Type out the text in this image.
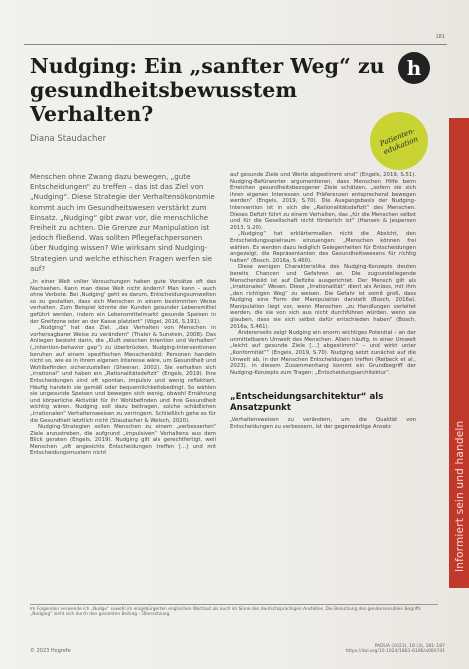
181
Nudging: Ein „sanfter Weg“ zu gesundheitsbewusstem Verhalten?
h
Diana Staudacher	Patienten-
edukation
Informiert sein und handeln
Menschen ohne Zwang dazu bewegen, „gute Entscheidungen“ zu treffen – das ist das Ziel von „Nudging“. Diese Strategie der Verhaltensökonomie kommt auch im Gesundheitswesen verstärkt zum Einsatz. „Nudging“ gibt zwar vor, die menschliche Freiheit zu achten. Die Grenze zur Manipulation ist jedoch fließend. Was sollten Pflegefachpersonen über Nudging wissen? Wie wirksam sind Nudging-Strategien und welche ethischen Fragen werfen sie auf?

„In einer Welt voller Versuchungen haben gute Vorsätze oft das Nachsehen. Kann man diese Welt nicht ändern? Man kann – auch ohne Verbote. Bei ‚Nudging‘ geht es darum, Entscheidungsumwelten so zu gestalten, dass sich Menschen in einem bestimmten Weise verhalten. Zum Beispiel könnte der Kunden gesunder Lebensmittel geführt werden, indem ein Lebensmittelmarkt gesunde Speisen in der Greifzone oder an der Kasse platziert“ (Vögel, 2016, S.191).

„Nudging“ hat das Ziel, „das Verhalten von Menschen in vorhersagbarer Weise zu verändern“ (Thaler & Sunstein, 2008). Das Anliegen besteht darin, die „Kluft zwischen Intention und Verhalten“ („intention-behavior gap“) zu überbrücken. Nudging-Interventionen beruhen auf einem spezifischen Menschenbild: Personen handeln nicht so, wie es in ihrem eigenen Interesse wäre, um Gesundheit und Wohlbefinden sicherzustellen (Sheeran, 2002). Sie verhalten sich „irrational“ und haben ein „Rationalitätsdefizit“ (Engels, 2019). Ihre Entscheidungen sind oft spontan, impulsiv und wenig reflektiert. Häufig handeln sie gemäß oder bequemlichkeitsbedingt. So wählen sie ungesunde Speisen und bewegen sich wenig, obwohl Ernährung und körperliche Aktivität für ihr Wohlbefinden und ihre Gesundheit wichtig wären. Nudging soll dazu beitragen, solche schädlichen „irrationalen“ Verhaltensweisen zu verringern. Schließlich gehe es für die Gesundheit letztlich nicht (Staudacher & Welsch, 2020).

Nudging-Strategien sollen Menschen zu einem „verbesserten“ Ziele anzustreben, die aufgrund „impulsiven“ Verhaltens aus dem Blick geraten (Engels, 2019). Nudging gilt als gerechtfertigt, weil Menschen „oft angesichts Entscheidungen treffen […] und mit Entscheidungsmustern nicht

auf gesunde Ziele und Werte abgestimmt sind“ (Engels, 2019, S.51). Nudging-Befürworter argumentieren, dass Menschen Hilfe beim Erreichen gesundheitsbezogener Ziele schätzen, „sofern sie sich ihren eigenen Interessen und Präferenzen entsprechend bewegen werden“ (Engels, 2019, S.70). Die Ausgangsbasis der Nudging-Intervention ist in sich die „Rationalitätsdefizit“ des Menschen. Dieses Defizit führt zu einem Verhalten, das „für die Menschen selbst und für die Gesellschaft nicht förderlich ist“ (Hansen & Jespersen 2013, S.20).

„Nudging“ hat erklärtermaßen nicht die Absicht, den Entscheidungsspielraum einzuengen: „Menschen können frei wählen. Es werden dazu lediglich Gelegenheiten für Entscheidungen angezeigt, die Repräsentanten des Gesundheitswesens für richtig halten“ (Bosch, 2016a, S.460).

Diese wenigen Charakteristika des Nudging-Konzepts deuten bereits Chancen und Gefahren an. Die zugrundeliegende Menschenbild ist auf Defizite ausgerichtet. Der Mensch gilt als „irrationales“ Wesen. Diese „Irrationalität“ dient als Anlass, mit ihm „den richtigen Weg“ zu weisen. Die Gefahr ist somit groß, dass Nudging eine Form der Manipulation darstellt (Bosch, 2016a). Manipulation liegt vor, wenn Menschen „zu Handlungen verleitet werden, die sie von sich aus nicht durchführen würden, wenn sie glauben, dass sie sich selbst dafür entschieden haben“ (Bosch, 2016a, S.461).

Andererseits zeigt Nudging ein enorm wichtiges Potential – an der unmittelbaren Umwelt des Menschen. Allein häufig, in einer Umwelt „leicht auf gesunde Ziele […] abgestimmt“ – und wirkt unter „Konformität““ (Engels, 2019, S.70). Nudging setzt zunächst auf die Umwelt ab, in der Menschen Entscheidungen treffen (Reibeck et al., 2023). In diesem Zusammenhang kommt ein Grundbegriff der Nudging-Konzepts zum Tragen: „Entscheidungsarchitektur“.

„Entscheidungsarchitektur“ als Ansatzpunkt

„Verhaltensweisen zu verändern, um die Qualität von Entscheidungen zu verbessern, ist der gegenwärtige Ansatz

Im Folgenden verwende ich „Nudge“ sowohl im eingebürgerten englischen Wortlaut als auch im Sinne des deutschsprachigen Anstoßes. Die Benutzung des gendersensiblen Begriffs „Nudging“ zieht sich durch den gesamten Beitrag – Übersetzung.
© 2023 Hogrefe
PADUA (2023), 18 (3), 181–187
https://doi.org/10.1024/1861-6186/a000741
